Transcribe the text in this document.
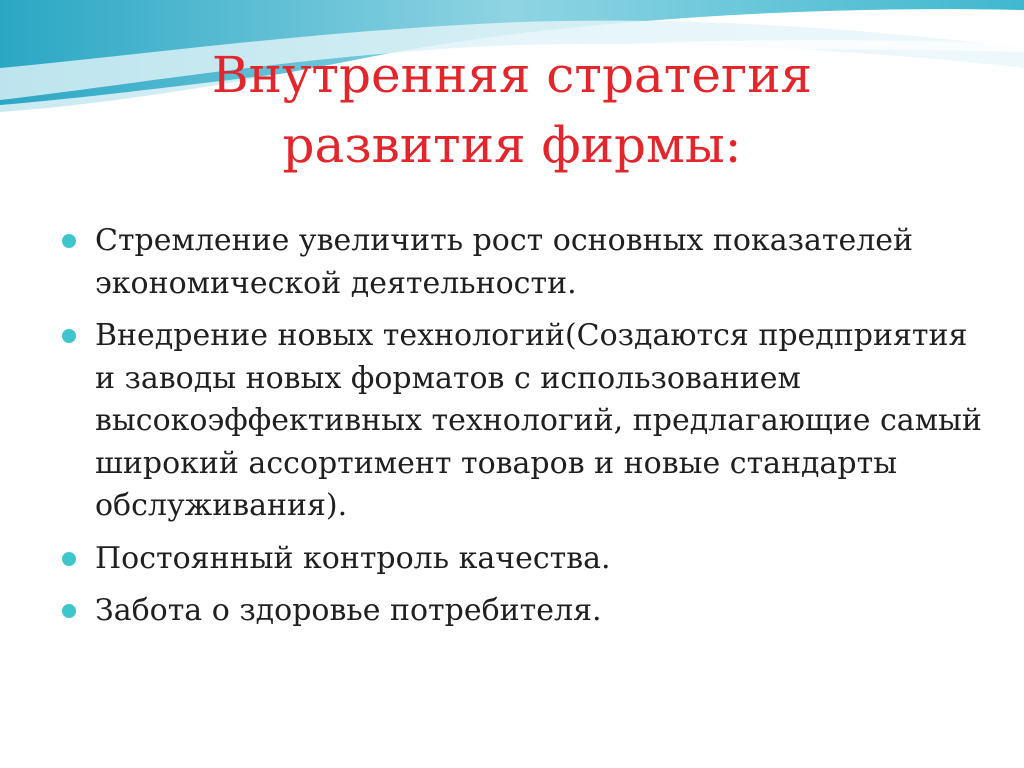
Внутренняя стратегия
развития фирмы:
Стремление увеличить рост основных показателей экономической деятельности.
Внедрение новых технологий(Создаются предприятия и заводы новых форматов с использованием высокоэффективных технологий, предлагающие самый широкий ассортимент товаров и новые стандарты обслуживания).
Постоянный контроль качества.
Забота о здоровье потребителя.
